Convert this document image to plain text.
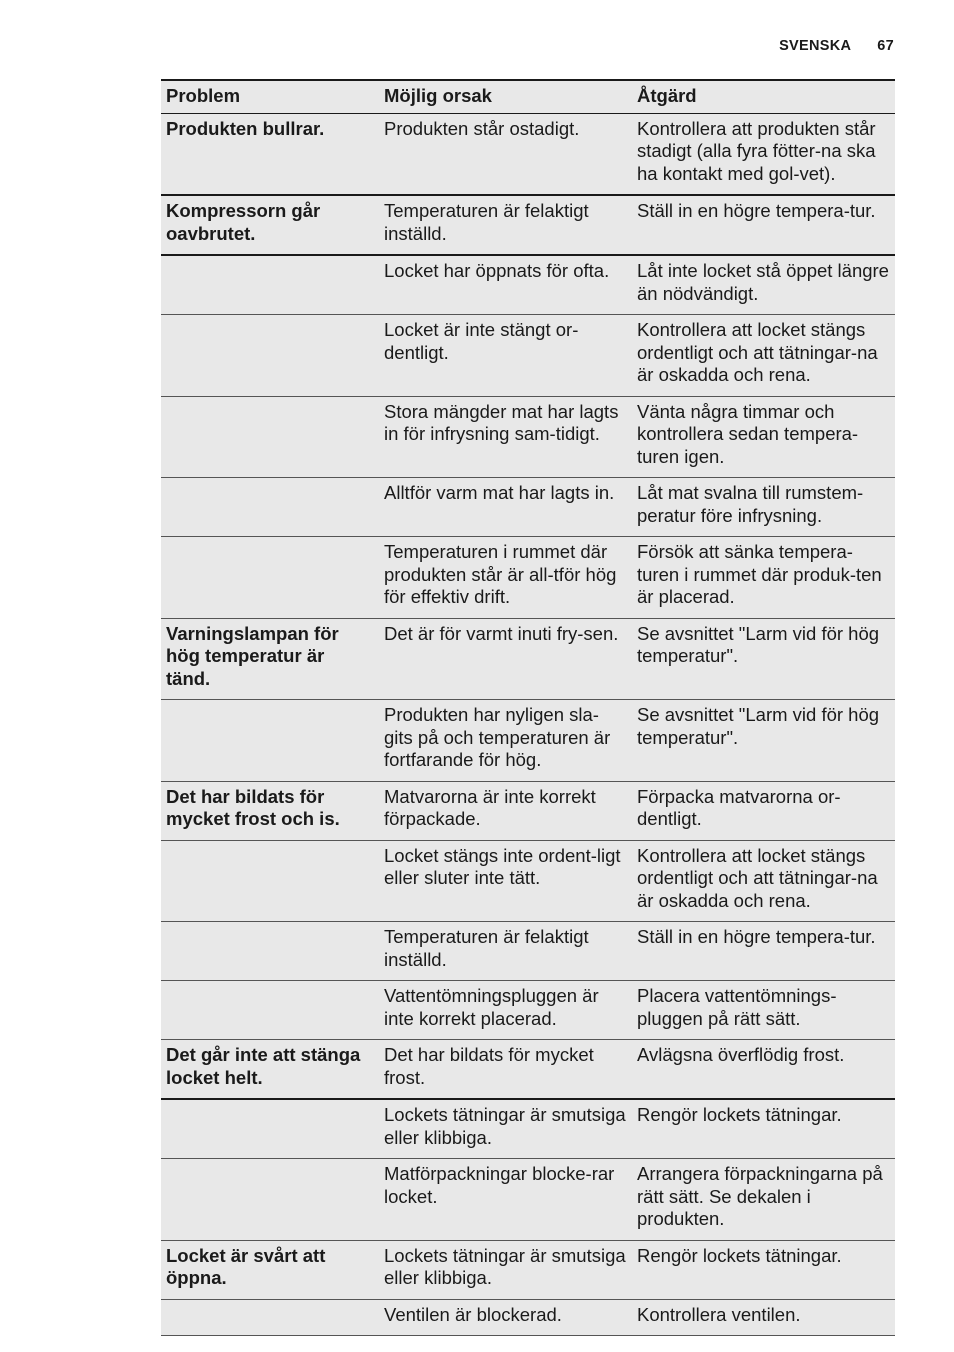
SVENSKA 67
Problem	Möjlig orsak	Åtgärd
Produkten bullrar.	Produkten står ostadigt.	Kontrollera att produkten står stadigt (alla fyra fötter-na ska ha kontakt med gol-vet).
Kompressorn går oavbrutet.	Temperaturen är felaktigt inställd.	Ställ in en högre tempera-tur.
	Locket har öppnats för ofta.	Låt inte locket stå öppet längre än nödvändigt.
	Locket är inte stängt or-dentligt.	Kontrollera att locket stängs ordentligt och att tätningar-na är oskadda och rena.
	Stora mängder mat har lagts in för infrysning sam-tidigt.	Vänta några timmar och kontrollera sedan tempera-turen igen.
	Alltför varm mat har lagts in.	Låt mat svalna till rumstem-peratur före infrysning.
	Temperaturen i rummet där produkten står är all-tför hög för effektiv drift.	Försök att sänka tempera-turen i rummet där produk-ten är placerad.
Varningslampan för hög temperatur är tänd.	Det är för varmt inuti fry-sen.	Se avsnittet "Larm vid för hög temperatur".
	Produkten har nyligen sla-gits på och temperaturen är fortfarande för hög.	Se avsnittet "Larm vid för hög temperatur".
Det har bildats för mycket frost och is.	Matvarorna är inte korrekt förpackade.	Förpacka matvarorna or-dentligt.
	Locket stängs inte ordent-ligt eller sluter inte tätt.	Kontrollera att locket stängs ordentligt och att tätningar-na är oskadda och rena.
	Temperaturen är felaktigt inställd.	Ställ in en högre tempera-tur.
	Vattentömningspluggen är inte korrekt placerad.	Placera vattentömnings-pluggen på rätt sätt.
Det går inte att stänga locket helt.	Det har bildats för mycket frost.	Avlägsna överflödig frost.
	Lockets tätningar är smutsiga eller klibbiga.	Rengör lockets tätningar.
	Matförpackningar blocke-rar locket.	Arrangera förpackningarna på rätt sätt. Se dekalen i produkten.
Locket är svårt att öppna.	Lockets tätningar är smutsiga eller klibbiga.	Rengör lockets tätningar.
	Ventilen är blockerad.	Kontrollera ventilen.
